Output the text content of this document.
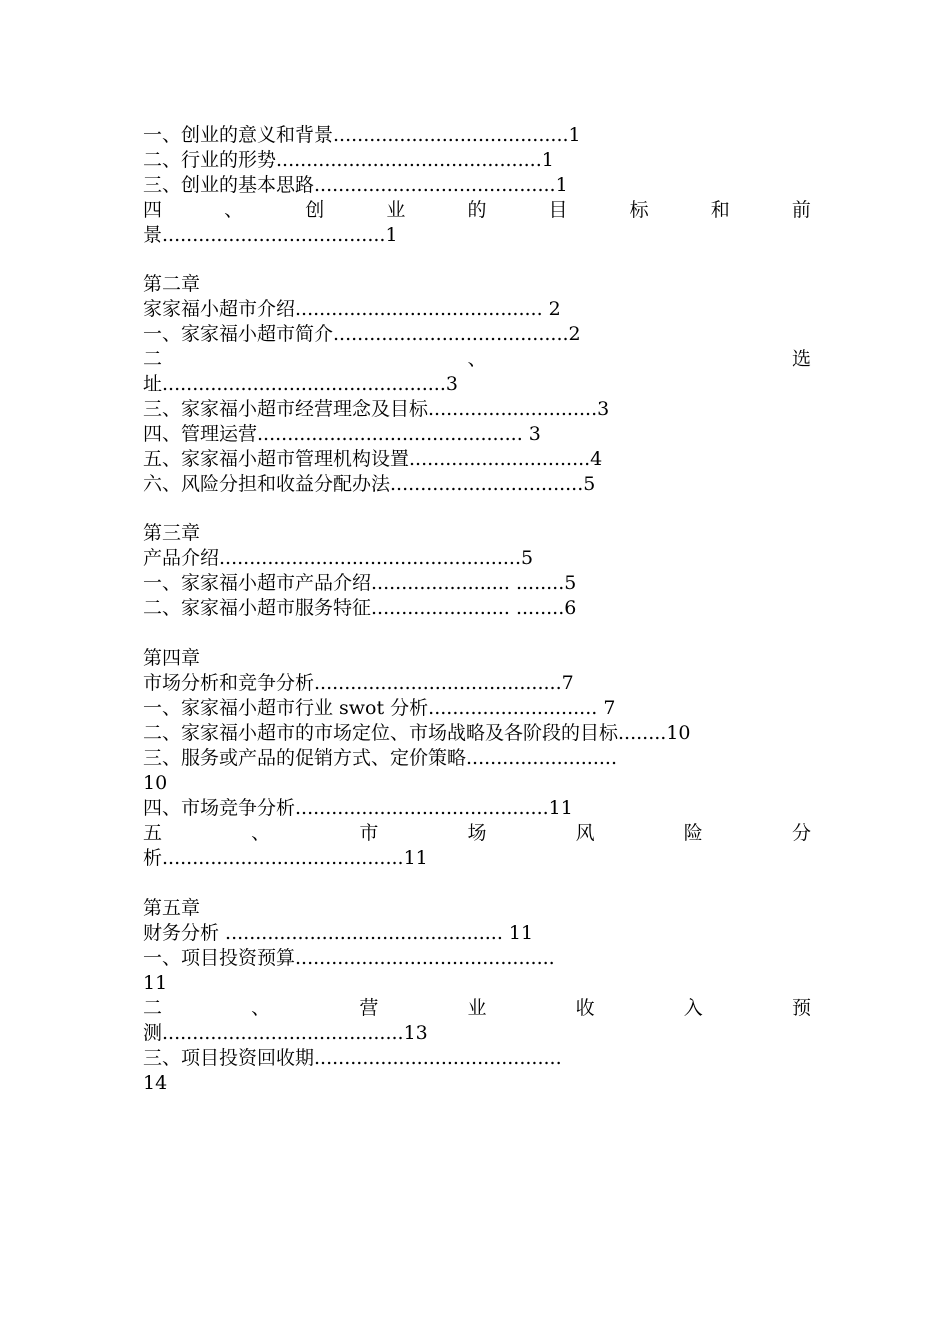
一、创业的意义和背景.......................................1
二、行业的形势............................................1
三、创业的基本思路........................................1
四	、	创	业	的	目	标	和	前
景.....................................1
第二章
家家福小超市介绍......................................... 2
一、家家福小超市简介.......................................2
二	、	选
址...............................................3
三、家家福小超市经营理念及目标............................3
四、管理运营............................................ 3
五、家家福小超市管理机构设置..............................4
六、风险分担和收益分配办法................................5
第三章
产品介绍..................................................5
一、家家福小超市产品介绍....................... ........5
二、家家福小超市服务特征....................... ........6
第四章
市场分析和竞争分析.........................................7
一、家家福小超市行业 swot 分析............................ 7
二、家家福小超市的市场定位、市场战略及各阶段的目标........10
三、服务或产品的促销方式、定价策略.........................
10
四、市场竞争分析..........................................11
五	、	市	场	风	险	分
析........................................11
第五章
财务分析 .............................................. 11
一、项目投资预算...........................................
11
二	、	营	业	收	入	预
测........................................13
三、项目投资回收期.........................................
14
